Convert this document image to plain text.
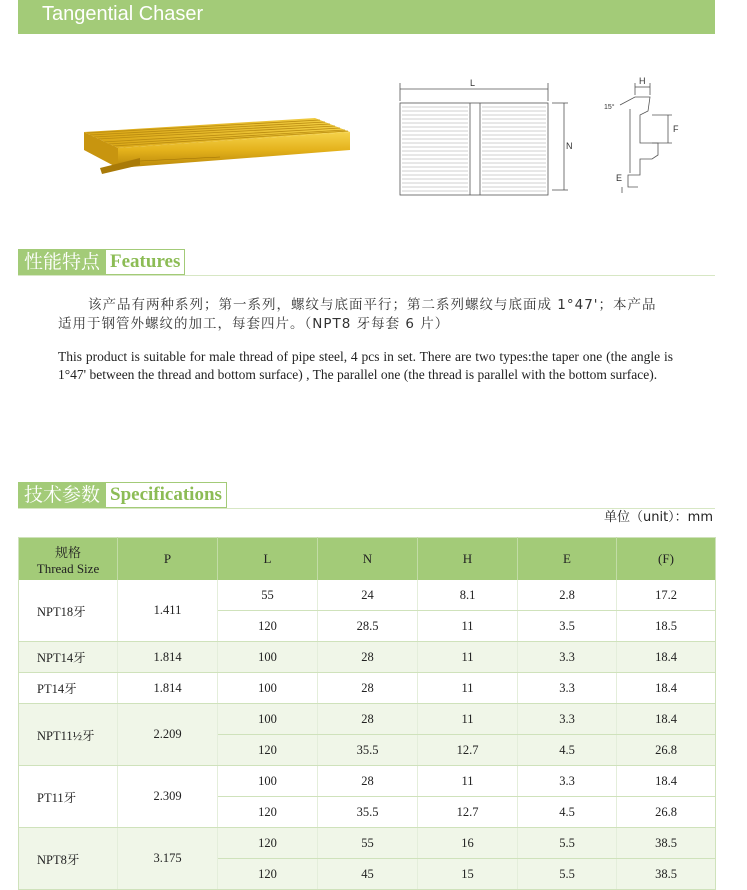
Tangential Chaser
L
N
H
F
E
15°
性能特点 Features
该产品有两种系列；第一系列，螺纹与底面平行；第二系列螺纹与底面成 1°47'；本产品
适用于钢管外螺纹的加工，每套四片。（NPT8 牙每套 6 片）
This product is suitable for male thread of pipe steel, 4 pcs in set. There are two types:the taper one (the angle is 1°47' between the thread and bottom surface) , The parallel one (the thread is parallel with the bottom surface).
技术参数 Specifications
单位（unit）：mm
规格
Thread Size	P	L	N	H	E	(F)
NPT18牙	1.411	55	24	8.1	2.8	17.2
		120	28.5	11	3.5	18.5
NPT14牙	1.814	100	28	11	3.3	18.4
PT14牙	1.814	100	28	11	3.3	18.4
NPT11½牙	2.209	100	28	11	3.3	18.4
		120	35.5	12.7	4.5	26.8
PT11牙	2.309	100	28	11	3.3	18.4
		120	35.5	12.7	4.5	26.8
NPT8牙	3.175	120	55	16	5.5	38.5
		120	45	15	5.5	38.5
